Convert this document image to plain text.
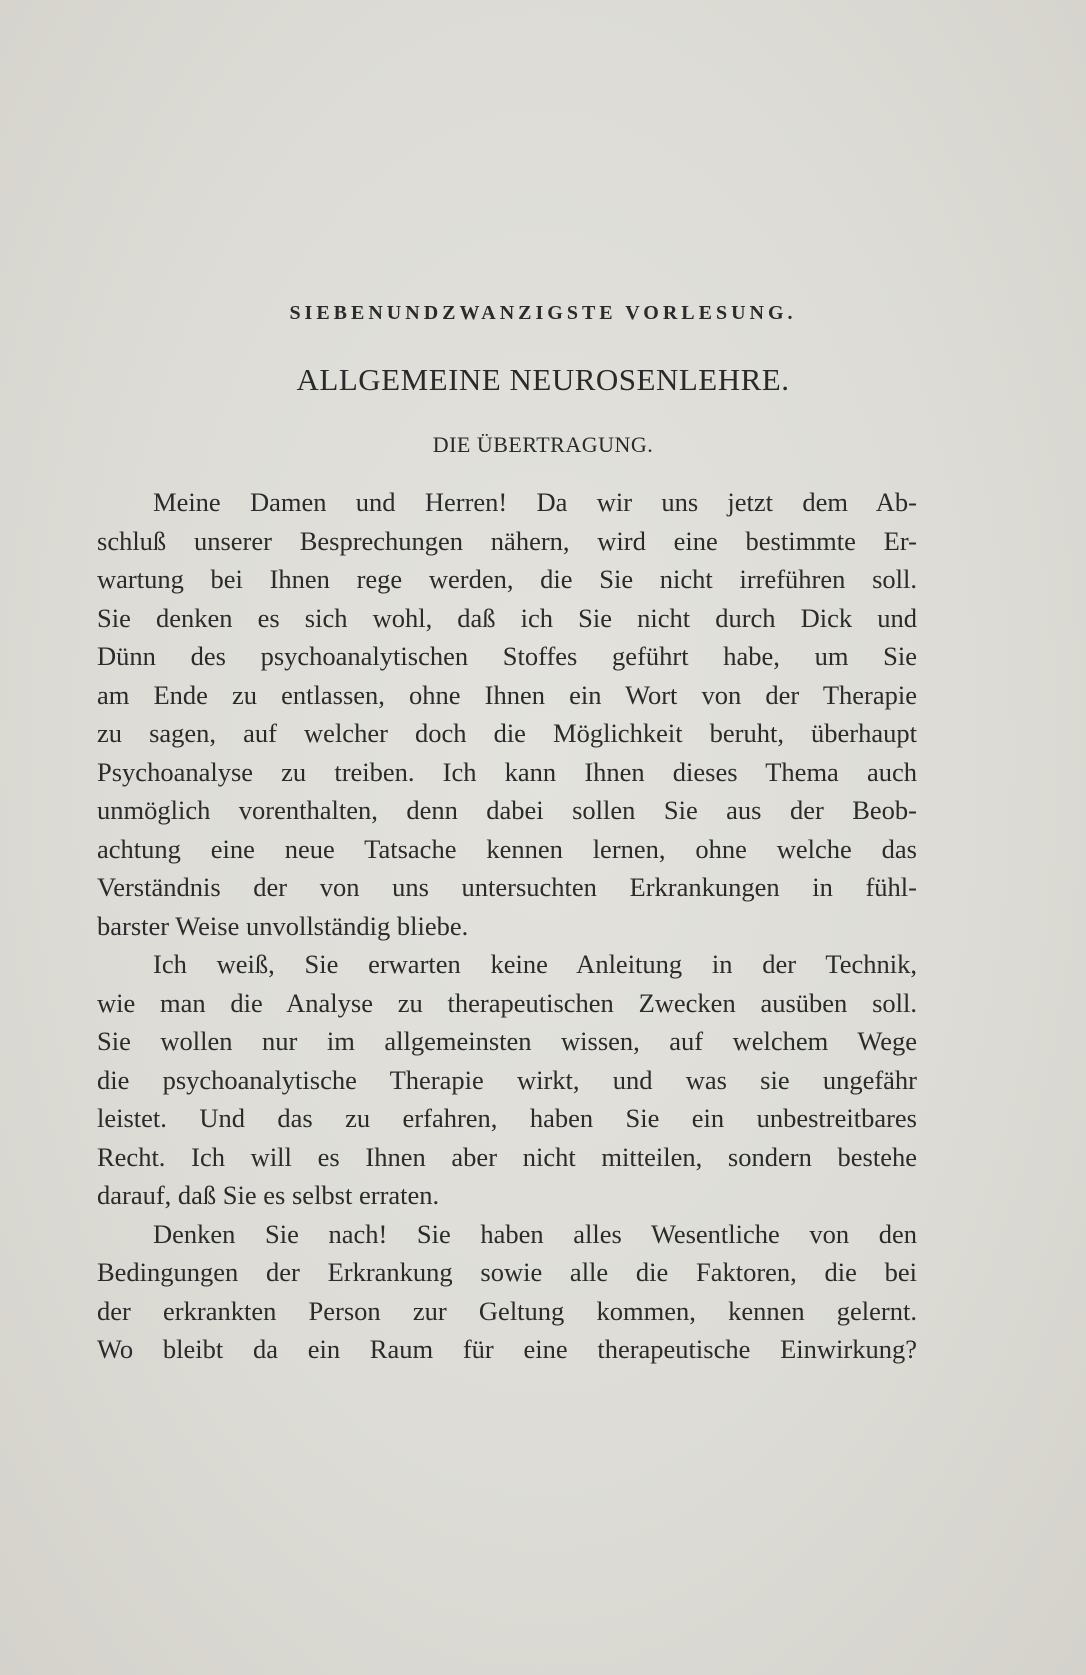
SIEBENUNDZWANZIGSTE VORLESUNG.
ALLGEMEINE NEUROSENLEHRE.
DIE ÜBERTRAGUNG.
Meine Damen und Herren! Da wir uns jetzt dem Ab-
schluß unserer Besprechungen nähern, wird eine bestimmte Er-
wartung bei Ihnen rege werden, die Sie nicht irreführen soll.
Sie denken es sich wohl, daß ich Sie nicht durch Dick und
Dünn des psychoanalytischen Stoffes geführt habe, um Sie
am Ende zu entlassen, ohne Ihnen ein Wort von der Therapie
zu sagen, auf welcher doch die Möglichkeit beruht, überhaupt
Psychoanalyse zu treiben. Ich kann Ihnen dieses Thema auch
unmöglich vorenthalten, denn dabei sollen Sie aus der Beob-
achtung eine neue Tatsache kennen lernen, ohne welche das
Verständnis der von uns untersuchten Erkrankungen in fühl-
barster Weise unvollständig bliebe.
Ich weiß, Sie erwarten keine Anleitung in der Technik,
wie man die Analyse zu therapeutischen Zwecken ausüben soll.
Sie wollen nur im allgemeinsten wissen, auf welchem Wege
die psychoanalytische Therapie wirkt, und was sie ungefähr
leistet. Und das zu erfahren, haben Sie ein unbestreitbares
Recht. Ich will es Ihnen aber nicht mitteilen, sondern bestehe
darauf, daß Sie es selbst erraten.
Denken Sie nach! Sie haben alles Wesentliche von den
Bedingungen der Erkrankung sowie alle die Faktoren, die bei
der erkrankten Person zur Geltung kommen, kennen gelernt.
Wo bleibt da ein Raum für eine therapeutische Einwirkung?
